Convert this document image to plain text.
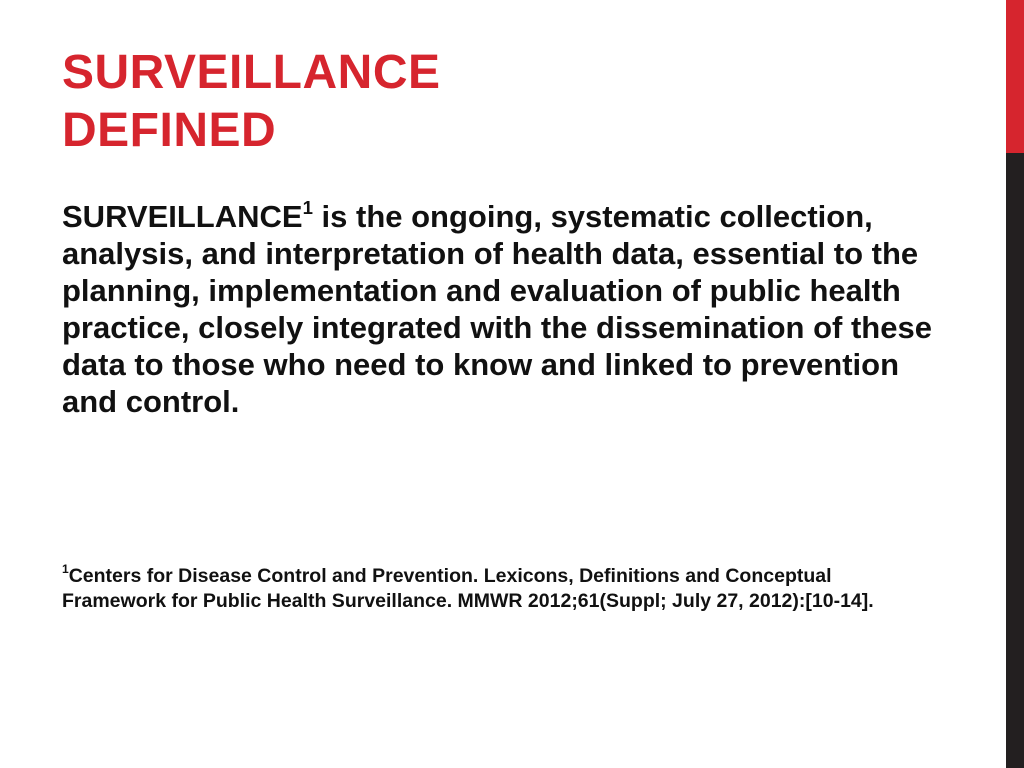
SURVEILLANCE
DEFINED

SURVEILLANCE$^1$ is the ongoing, systematic collection, analysis, and interpretation of health data, essential to the planning, implementation and evaluation of public health practice, closely integrated with the dissemination of these data to those who need to know and linked to prevention and control.

$^1$Centers for Disease Control and Prevention. Lexicons, Definitions and Conceptual Framework for Public Health Surveillance. MMWR 2012;61(Suppl; July 27, 2012):[10-14].
